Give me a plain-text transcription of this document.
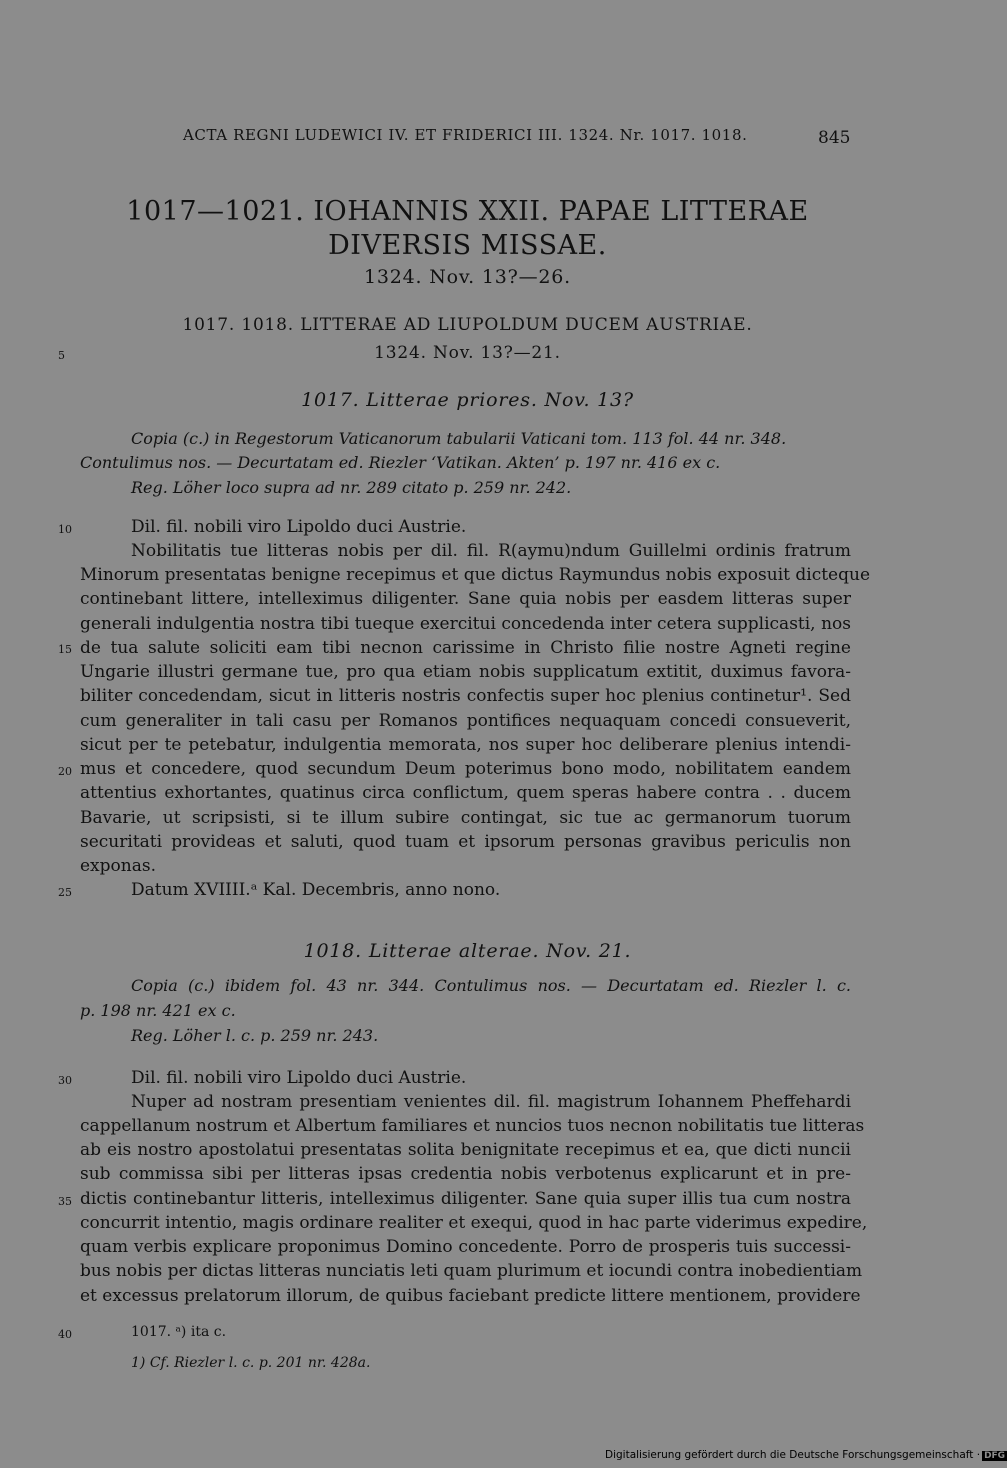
ACTA REGNI LUDEWICI IV. ET FRIDERICI III. 1324. Nr. 1017. 1018.	845
1017—1021. IOHANNIS XXII. PAPAE LITTERAE
DIVERSIS MISSAE.
1324. Nov. 13?—26.
1017. 1018. LITTERAE AD LIUPOLDUM DUCEM AUSTRIAE.
1324. Nov. 13?—21.
1017. Litterae priores. Nov. 13?
Copia (c.) in Regestorum Vaticanorum tabularii Vaticani tom. 113 fol. 44 nr. 348.
Contulimus nos. — Decurtatam ed. Riezler ‘Vatikan. Akten’ p. 197 nr. 416 ex c.
Reg. Löher loco supra ad nr. 289 citato p. 259 nr. 242.
Dil. fil. nobili viro Lipoldo duci Austrie.
Nobilitatis tue litteras nobis per dil. fil. R(aymu)ndum Guillelmi ordinis fratrum
Minorum presentatas benigne recepimus et que dictus Raymundus nobis exposuit dicteque
continebant littere, intelleximus diligenter. Sane quia nobis per easdem litteras super
generali indulgentia nostra tibi tueque exercitui concedenda inter cetera supplicasti, nos
de tua salute soliciti eam tibi necnon carissime in Christo filie nostre Agneti regine
Ungarie illustri germane tue, pro qua etiam nobis supplicatum extitit, duximus favora-
biliter concedendam, sicut in litteris nostris confectis super hoc plenius continetur¹. Sed
cum generaliter in tali casu per Romanos pontifices nequaquam concedi consueverit,
sicut per te petebatur, indulgentia memorata, nos super hoc deliberare plenius intendi-
mus et concedere, quod secundum Deum poterimus bono modo, nobilitatem eandem
attentius exhortantes, quatinus circa conflictum, quem speras habere contra . . ducem
Bavarie, ut scripsisti, si te illum subire contingat, sic tue ac germanorum tuorum
securitati provideas et saluti, quod tuam et ipsorum personas gravibus periculis non
exponas.
Datum XVIIII.ᵃ Kal. Decembris, anno nono.
1018. Litterae alterae. Nov. 21.
Copia (c.) ibidem fol. 43 nr. 344. Contulimus nos. — Decurtatam ed. Riezler l. c.
p. 198 nr. 421 ex c.
Reg. Löher l. c. p. 259 nr. 243.
Dil. fil. nobili viro Lipoldo duci Austrie.
Nuper ad nostram presentiam venientes dil. fil. magistrum Iohannem Pheffehardi
cappellanum nostrum et Albertum familiares et nuncios tuos necnon nobilitatis tue litteras
ab eis nostro apostolatui presentatas solita benignitate recepimus et ea, que dicti nuncii
sub commissa sibi per litteras ipsas credentia nobis verbotenus explicarunt et in pre-
dictis continebantur litteris, intelleximus diligenter. Sane quia super illis tua cum nostra
concurrit intentio, magis ordinare realiter et exequi, quod in hac parte viderimus expedire,
quam verbis explicare proponimus Domino concedente. Porro de prosperis tuis successi-
bus nobis per dictas litteras nunciatis leti quam plurimum et iocundi contra inobedientiam
et excessus prelatorum illorum, de quibus faciebant predicte littere mentionem, providere
1017. ᵃ) ita c.
1) Cf. Riezler l. c. p. 201 nr. 428a.
5
10
15
20
25
30
35
40
Digitalisierung gefördert durch die Deutsche Forschungsgemeinschaft · DFG
